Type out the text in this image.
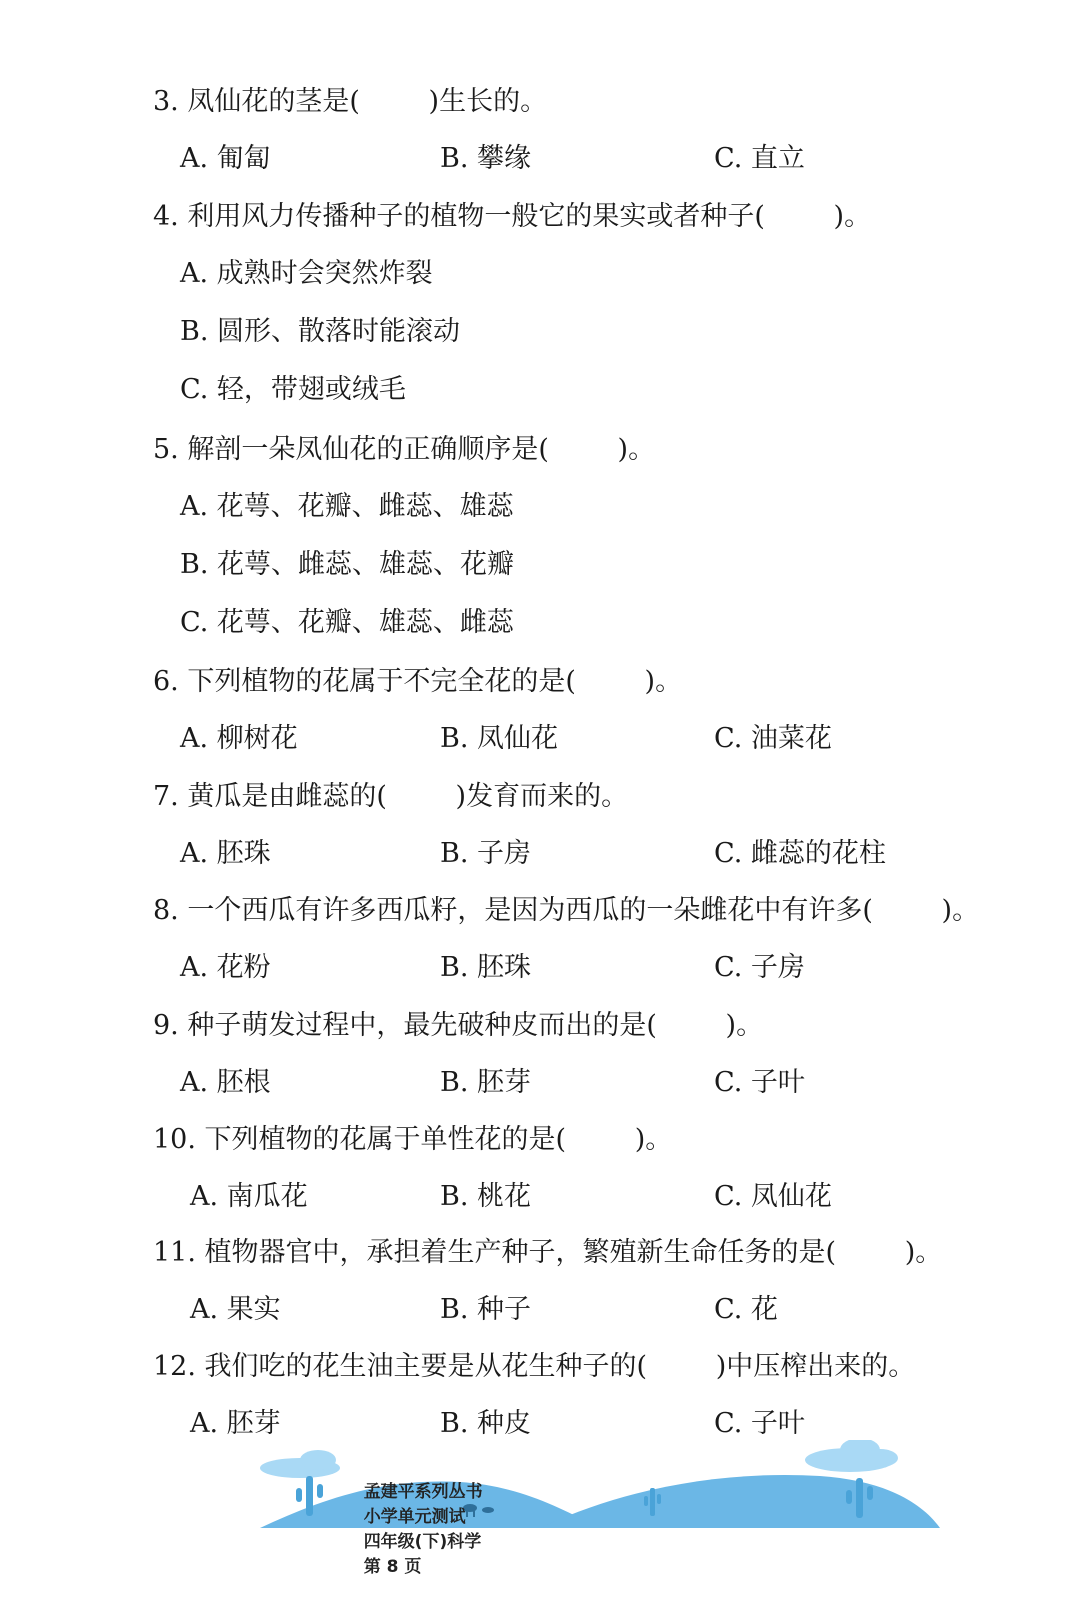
3. 凤仙花的茎是(        )生长的。
A. 匍匐	B. 攀缘	C. 直立
4. 利用风力传播种子的植物一般它的果实或者种子(        )。
A. 成熟时会突然炸裂
B. 圆形、散落时能滚动
C. 轻，带翅或绒毛
5. 解剖一朵凤仙花的正确顺序是(        )。
A. 花萼、花瓣、雌蕊、雄蕊
B. 花萼、雌蕊、雄蕊、花瓣
C. 花萼、花瓣、雄蕊、雌蕊
6. 下列植物的花属于不完全花的是(        )。
A. 柳树花	B. 凤仙花	C. 油菜花
7. 黄瓜是由雌蕊的(        )发育而来的。
A. 胚珠	B. 子房	C. 雌蕊的花柱
8. 一个西瓜有许多西瓜籽，是因为西瓜的一朵雌花中有许多(        )。
A. 花粉	B. 胚珠	C. 子房
9. 种子萌发过程中，最先破种皮而出的是(        )。
A. 胚根	B. 胚芽	C. 子叶
10. 下列植物的花属于单性花的是(        )。
A. 南瓜花	B. 桃花	C. 凤仙花
11. 植物器官中，承担着生产种子，繁殖新生命任务的是(        )。
A. 果实	B. 种子	C. 花
12. 我们吃的花生油主要是从花生种子的(        )中压榨出来的。
A. 胚芽	B. 种皮	C. 子叶

孟建平系列丛书
小学单元测试
四年级(下)科学
第 8 页
